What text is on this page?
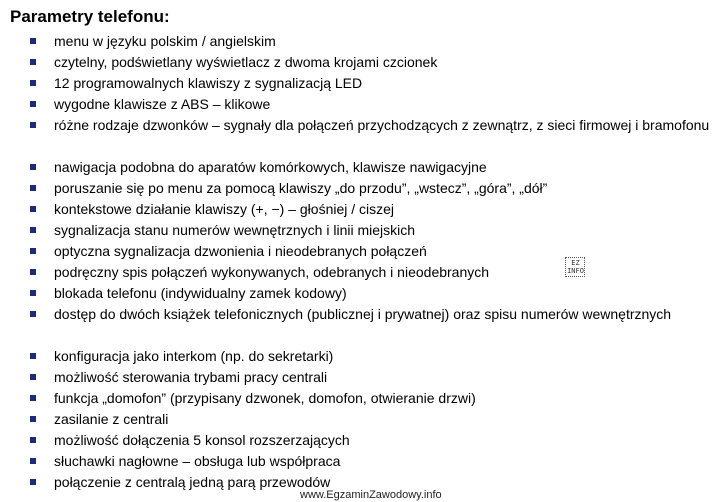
Parametry telefonu:
menu w języku polskim / angielskim
czytelny, podświetlany wyświetlacz z dwoma krojami czcionek
12 programowalnych klawiszy z sygnalizacją LED
wygodne klawisze z ABS – klikowe
różne rodzaje dzwonków – sygnały dla połączeń przychodzących z zewnątrz, z sieci firmowej i bramofonu
nawigacja podobna do aparatów komórkowych, klawisze nawigacyjne
poruszanie się po menu za pomocą klawiszy „do przodu”, „wstecz”, „góra”, „dół”
kontekstowe działanie klawiszy (+, −) – głośniej / ciszej
sygnalizacja stanu numerów wewnętrznych i linii miejskich
optyczna sygnalizacja dzwonienia i nieodebranych połączeń
podręczny spis połączeń wykonywanych, odebranych i nieodebranych
blokada telefonu (indywidualny zamek kodowy)
dostęp do dwóch książek telefonicznych (publicznej i prywatnej) oraz spisu numerów wewnętrznych
konfiguracja jako interkom (np. do sekretarki)
możliwość sterowania trybami pracy centrali
funkcja „domofon” (przypisany dzwonek, domofon, otwieranie drzwi)
zasilanie z centrali
możliwość dołączenia 5 konsol rozszerzających
słuchawki nagłowne – obsługa lub współpraca
połączenie z centralą jedną parą przewodów
EZ
INFO
www.EgzaminZawodowy.info
